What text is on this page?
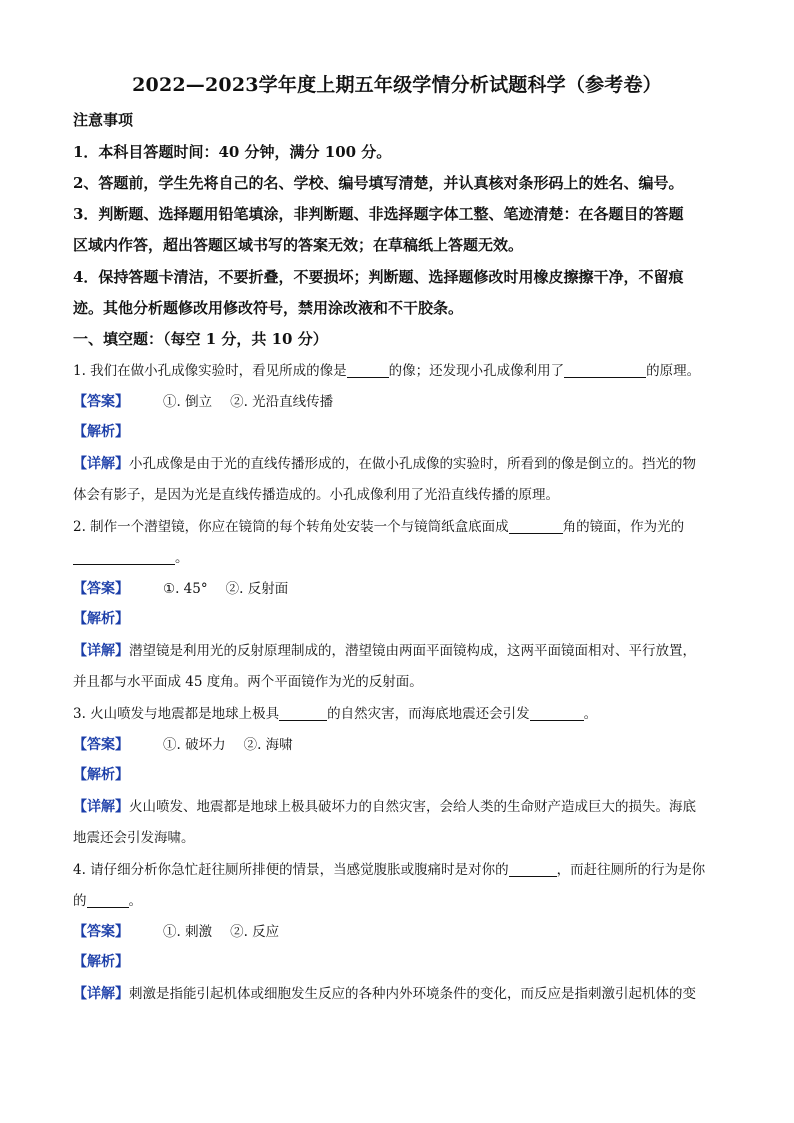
2022—2023学年度上期五年级学情分析试题科学（参考卷）
注意事项
1．本科目答题时间：40 分钟，满分 100 分。
2、答题前，学生先将自己的名、学校、编号填写清楚，并认真核对条形码上的姓名、编号。
3．判断题、选择题用铅笔填涂，非判断题、非选择题字体工整、笔迹清楚：在各题目的答题
区域内作答，超出答题区域书写的答案无效；在草稿纸上答题无效。
4．保持答题卡清洁，不要折叠，不要损坏；判断题、选择题修改时用橡皮擦擦干净，不留痕
迹。其他分析题修改用修改符号，禁用涂改液和不干胶条。
一、填空题：（每空 1 分，共 10 分）
1. 我们在做小孔成像实验时，看见所成的像是	的像；还发现小孔成像利用了	的原理。
【答案】	①. 倒立 ②. 光沿直线传播
【解析】
【详解】小孔成像是由于光的直线传播形成的，在做小孔成像的实验时，所看到的像是倒立的。挡光的物
体会有影子，是因为光是直线传播造成的。小孔成像利用了光沿直线传播的原理。
2. 制作一个潜望镜，你应在镜筒的每个转角处安装一个与镜筒纸盒底面成	角的镜面，作为光的
。
【答案】	①. 45° ②. 反射面
【解析】
【详解】潜望镜是利用光的反射原理制成的，潜望镜由两面平面镜构成，这两平面镜面相对、平行放置，
并且都与水平面成 45 度角。两个平面镜作为光的反射面。
3. 火山喷发与地震都是地球上极具	的自然灾害，而海底地震还会引发	。
【答案】	①. 破坏力 ②. 海啸
【解析】
【详解】火山喷发、地震都是地球上极具破坏力的自然灾害，会给人类的生命财产造成巨大的损失。海底
地震还会引发海啸。
4. 请仔细分析你急忙赶往厕所排便的情景，当感觉腹胀或腹痛时是对你的	，而赶往厕所的行为是你
的	。
【答案】	①. 刺激 ②. 反应
【解析】
【详解】刺激是指能引起机体或细胞发生反应的各种内外环境条件的变化，而反应是指刺激引起机体的变
